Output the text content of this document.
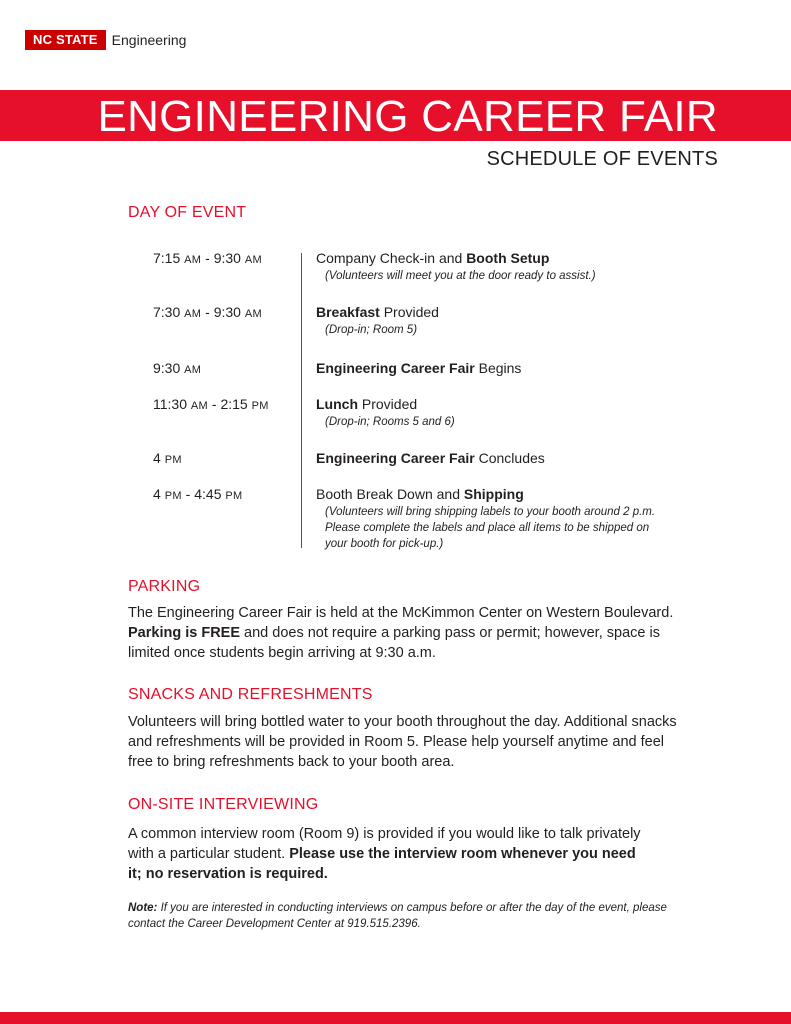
NC STATE	Engineering
ENGINEERING CAREER FAIR
SCHEDULE OF EVENTS
DAY OF EVENT
7:15 AM - 9:30 AM	Company Check-in and Booth Setup
(Volunteers will meet you at the door ready to assist.)
7:30 AM - 9:30 AM	Breakfast Provided
(Drop-in; Room 5)
9:30 AM	Engineering Career Fair Begins
11:30 AM - 2:15 PM	Lunch Provided
(Drop-in; Rooms 5 and 6)
4 PM	Engineering Career Fair Concludes
4 PM - 4:45 PM	Booth Break Down and Shipping
(Volunteers will bring shipping labels to your booth around 2 p.m. Please complete the labels and place all items to be shipped on your booth for pick-up.)
PARKING

The Engineering Career Fair is held at the McKimmon Center on Western Boulevard. Parking is FREE and does not require a parking pass or permit; however, space is limited once students begin arriving at 9:30 a.m.

SNACKS AND REFRESHMENTS

Volunteers will bring bottled water to your booth throughout the day. Additional snacks and refreshments will be provided in Room 5. Please help yourself anytime and feel free to bring refreshments back to your booth area.

ON-SITE INTERVIEWING

A common interview room (Room 9) is provided if you would like to talk privately with a particular student. Please use the interview room whenever you need it; no reservation is required.

Note: If you are interested in conducting interviews on campus before or after the day of the event, please contact the Career Development Center at 919.515.2396.
